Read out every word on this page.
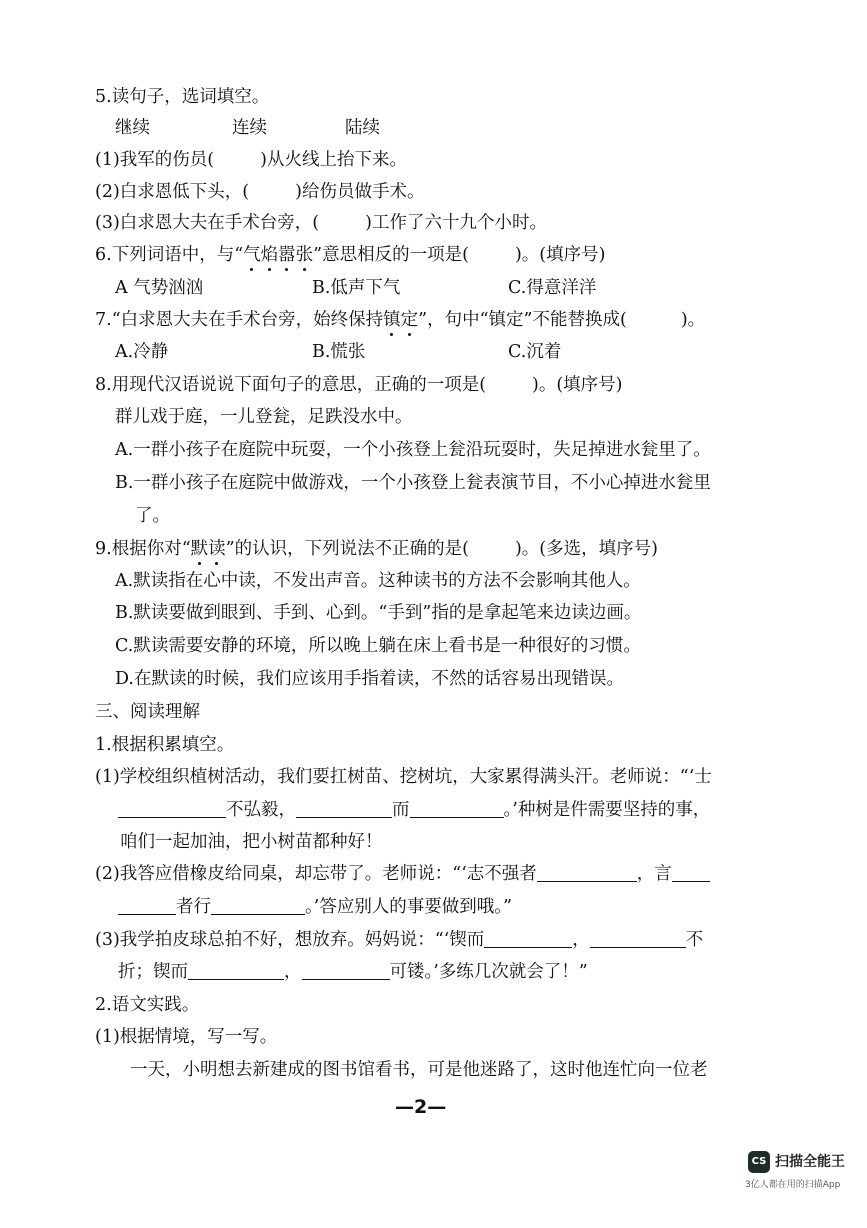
5.读句子，选词填空。
继续	连续	陆续
(1)我军的伤员(	)从火线上抬下来。
(2)白求恩低下头，(	)给伤员做手术。
(3)白求恩大夫在手术台旁，(	)工作了六十九个小时。
6.下列词语中，与“气焰嚣张”意思相反的一项是(	)。(填序号)
A 气势汹汹	B.低声下气	C.得意洋洋
7.“白求恩大夫在手术台旁，始终保持镇定”，句中“镇定”不能替换成(	)。
A.冷静	B.慌张	C.沉着
8.用现代汉语说说下面句子的意思，正确的一项是(	)。(填序号)
群儿戏于庭，一儿登瓮，足跌没水中。
A.一群小孩子在庭院中玩耍，一个小孩登上瓮沿玩耍时，失足掉进水瓮里了。
B.一群小孩子在庭院中做游戏，一个小孩登上瓮表演节目，不小心掉进水瓮里
了。
9.根据你对“默读”的认识，下列说法不正确的是(	)。(多选，填序号)
A.默读指在心中读，不发出声音。这种读书的方法不会影响其他人。
B.默读要做到眼到、手到、心到。“手到”指的是拿起笔来边读边画。
C.默读需要安静的环境，所以晚上躺在床上看书是一种很好的习惯。
D.在默读的时候，我们应该用手指着读，不然的话容易出现错误。
三、阅读理解
1.根据积累填空。
(1)学校组织植树活动，我们要扛树苗、挖树坑，大家累得满头汗。老师说：“‘士
不弘毅，	而	。’种树是件需要坚持的事，
咱们一起加油，把小树苗都种好！
(2)我答应借橡皮给同桌，却忘带了。老师说：“‘志不强者	，言
者行	。’答应别人的事要做到哦。”
(3)我学拍皮球总拍不好，想放弃。妈妈说：“‘锲而	，	不
折；锲而	，	可镂。’多练几次就会了！”
2.语文实践。
(1)根据情境，写一写。
一天，小明想去新建成的图书馆看书，可是他迷路了，这时他连忙向一位老
—2—
CS 扫描全能王
3亿人都在用的扫描App
